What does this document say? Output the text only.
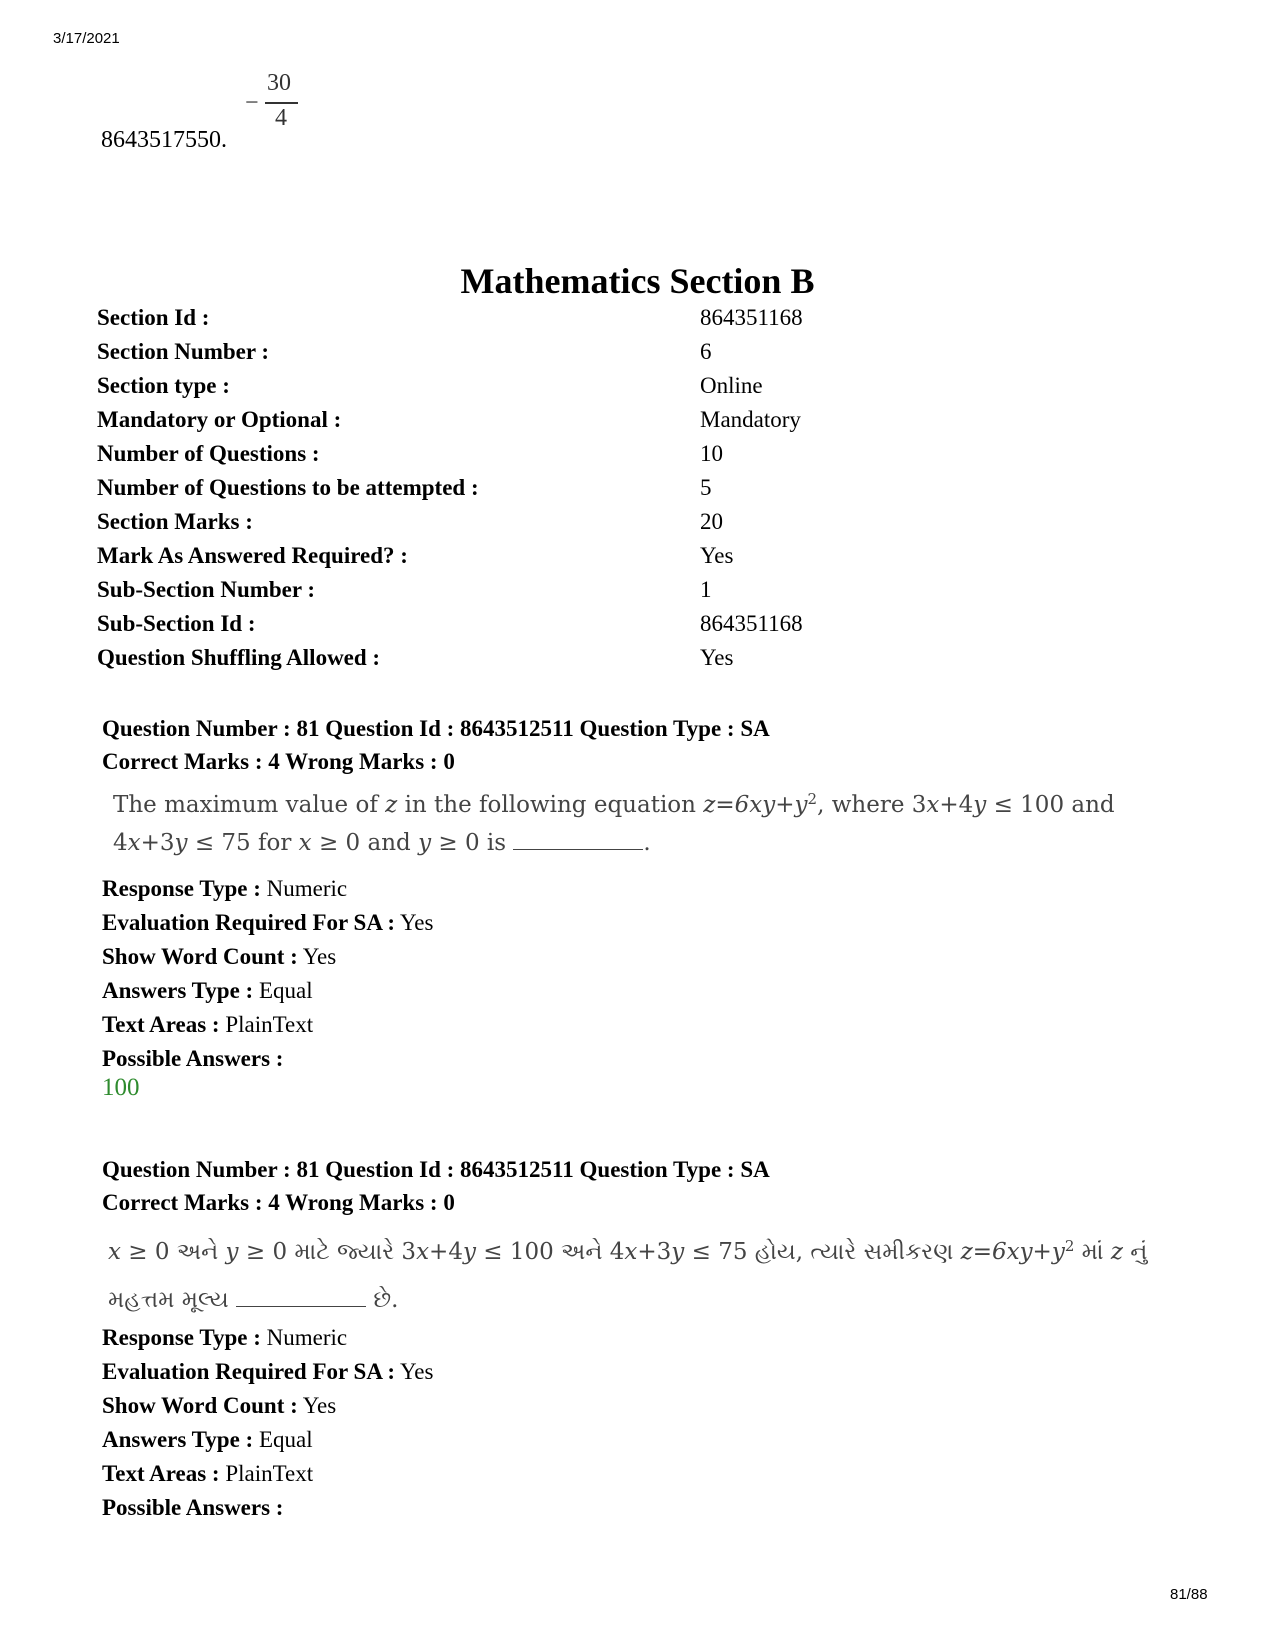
3/17/2021
−
30
4
8643517550.
Mathematics Section B
Section Id :	864351168
Section Number :	6
Section type :	Online
Mandatory or Optional :	Mandatory
Number of Questions :	10
Number of Questions to be attempted :	5
Section Marks :	20
Mark As Answered Required? :	Yes
Sub-Section Number :	1
Sub-Section Id :	864351168
Question Shuffling Allowed :	Yes
Question Number : 81 Question Id : 8643512511 Question Type : SA
Correct Marks : 4 Wrong Marks : 0
The maximum value of z in the following equation $z=6xy+y^2$, where 3x+4y ≤ 100 and
4x+3y ≤ 75 for x ≥ 0 and y ≥ 0 is	.
Response Type : Numeric
Evaluation Required For SA : Yes
Show Word Count : Yes
Answers Type : Equal
Text Areas : PlainText
Possible Answers :
100
Question Number : 81 Question Id : 8643512511 Question Type : SA
Correct Marks : 4 Wrong Marks : 0
x ≥ 0 અને y ≥ 0 માટે જ્યારે 3x+4y ≤ 100 અને 4x+3y ≤ 75 હોય, ત્યારે સમીકરણ $z=6xy+y^2$ માં z નું
મહત્તમ મૂલ્ય	છે.
Response Type : Numeric
Evaluation Required For SA : Yes
Show Word Count : Yes
Answers Type : Equal
Text Areas : PlainText
Possible Answers :
81/88
